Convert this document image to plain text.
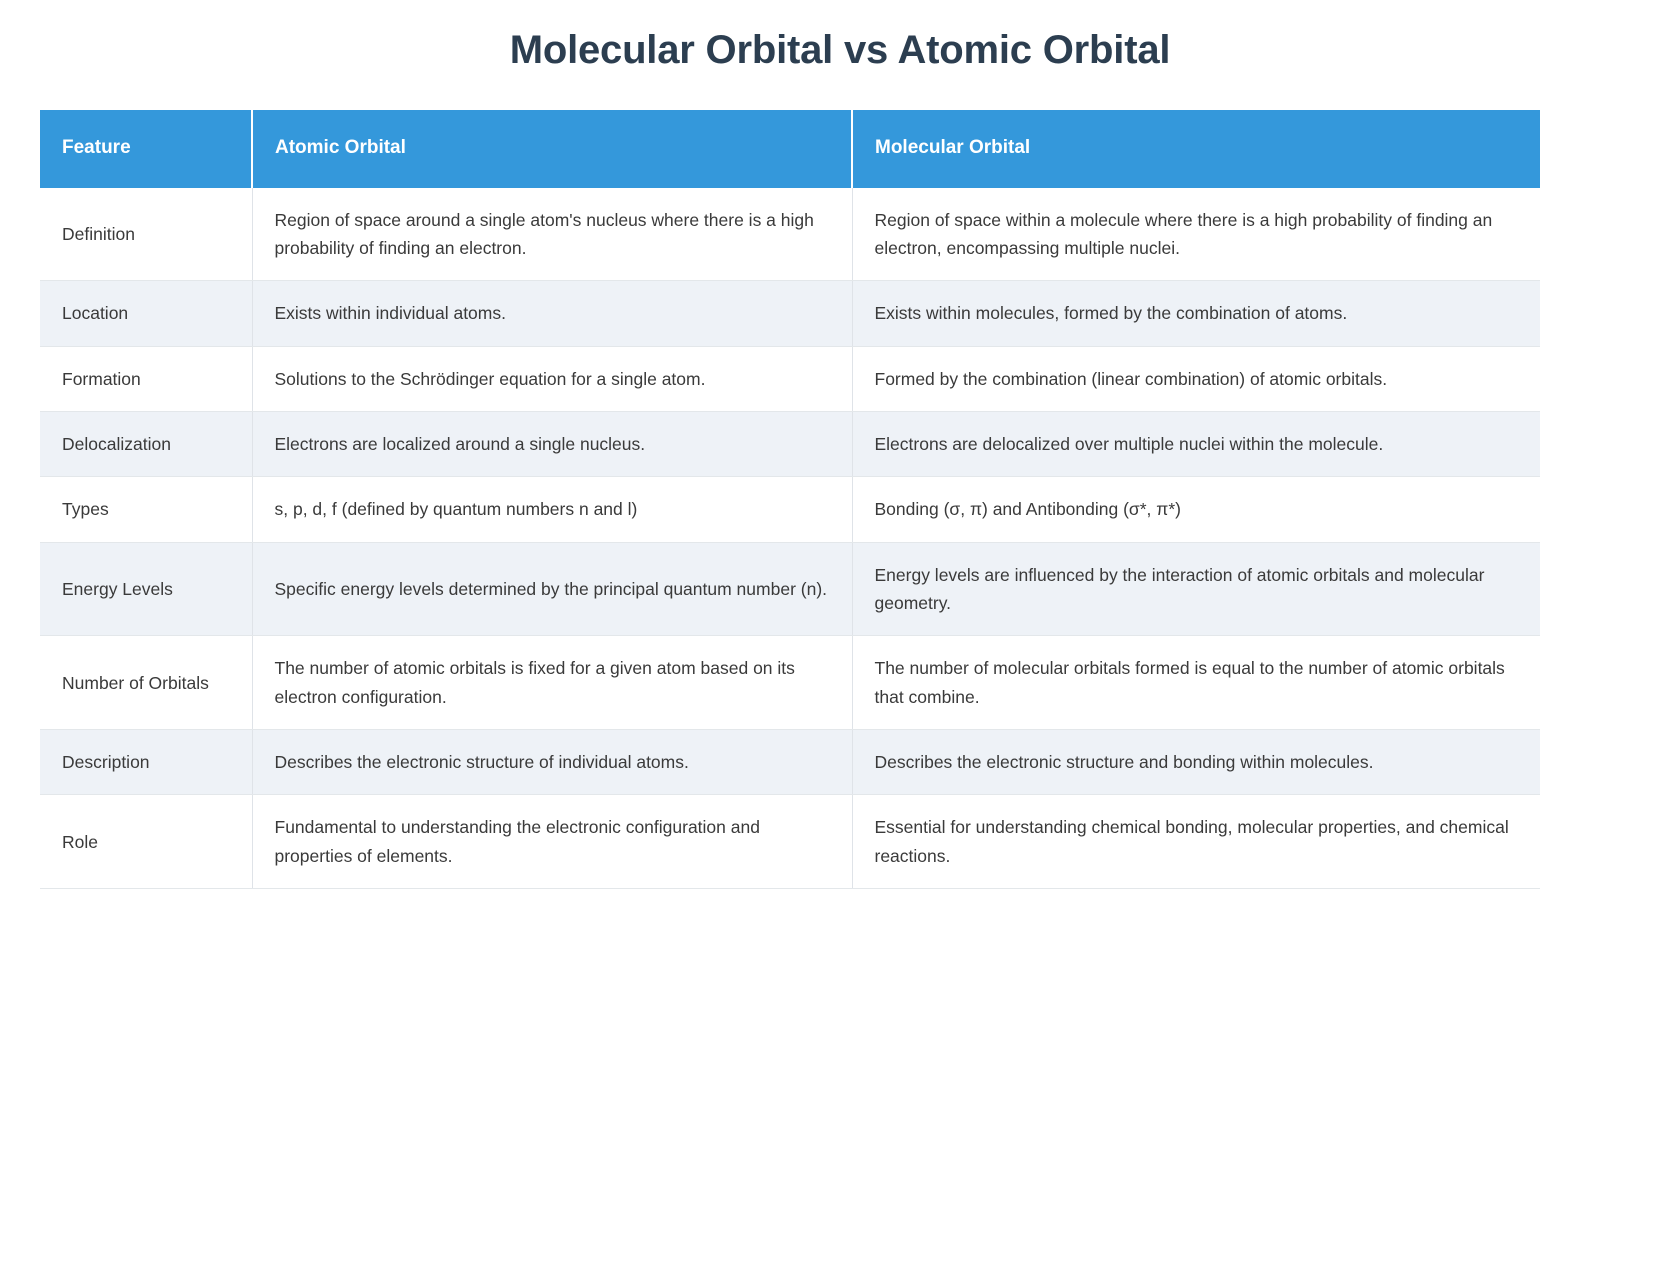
Molecular Orbital vs Atomic Orbital
Feature	Atomic Orbital	Molecular Orbital
Definition	Region of space around a single atom's nucleus where there is a high probability of finding an electron.	Region of space within a molecule where there is a high probability of finding an electron, encompassing multiple nuclei.
Location	Exists within individual atoms.	Exists within molecules, formed by the combination of atoms.
Formation	Solutions to the Schrödinger equation for a single atom.	Formed by the combination (linear combination) of atomic orbitals.
Delocalization	Electrons are localized around a single nucleus.	Electrons are delocalized over multiple nuclei within the molecule.
Types	s, p, d, f (defined by quantum numbers n and l)	Bonding (σ, π) and Antibonding (σ*, π*)
Energy Levels	Specific energy levels determined by the principal quantum number (n).	Energy levels are influenced by the interaction of atomic orbitals and molecular geometry.
Number of Orbitals	The number of atomic orbitals is fixed for a given atom based on its electron configuration.	The number of molecular orbitals formed is equal to the number of atomic orbitals that combine.
Description	Describes the electronic structure of individual atoms.	Describes the electronic structure and bonding within molecules.
Role	Fundamental to understanding the electronic configuration and properties of elements.	Essential for understanding chemical bonding, molecular properties, and chemical reactions.
